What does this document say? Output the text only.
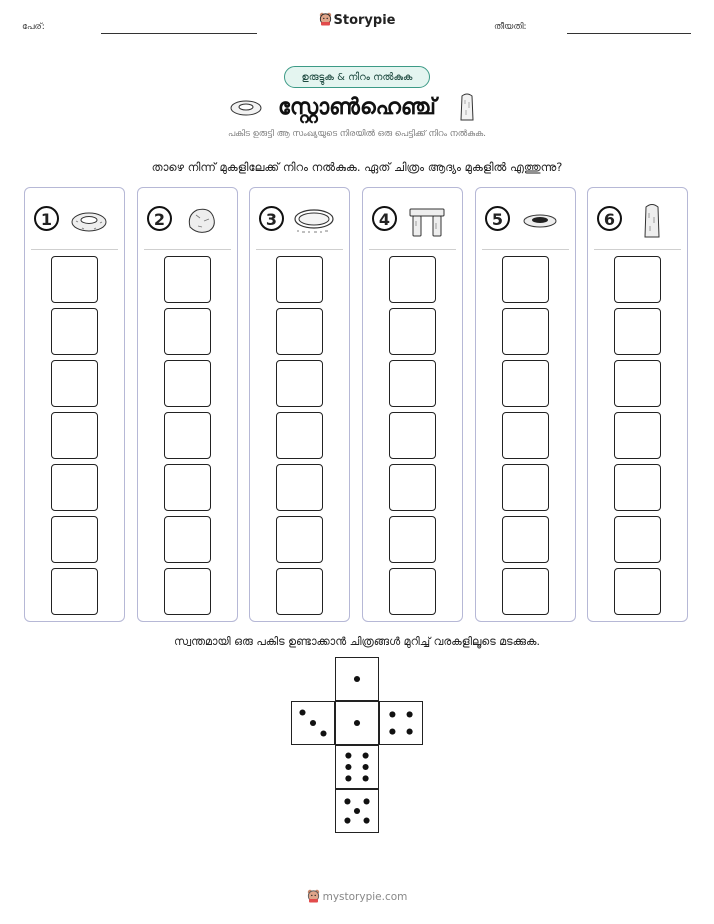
പേര്:	Storypie	തീയതി:
ഉരുട്ടുക & നിറം നൽകുക
സ്റ്റോൺഹെഞ്ച്
പകിട ഉരുട്ടി ആ സംഖ്യയുടെ നിരയിൽ ഒരു പെട്ടിക്ക് നിറം നൽകുക.
താഴെ നിന്ന് മുകളിലേക്ക് നിറം നൽകുക. ഏത് ചിത്രം ആദ്യം മുകളിൽ എത്തുന്നു?
1	2	3	4	5	6
സ്വന്തമായി ഒരു പകിട ഉണ്ടാക്കാൻ ചിത്രങ്ങൾ മുറിച്ച് വരകളിലൂടെ മടക്കുക.
mystorypie.com
